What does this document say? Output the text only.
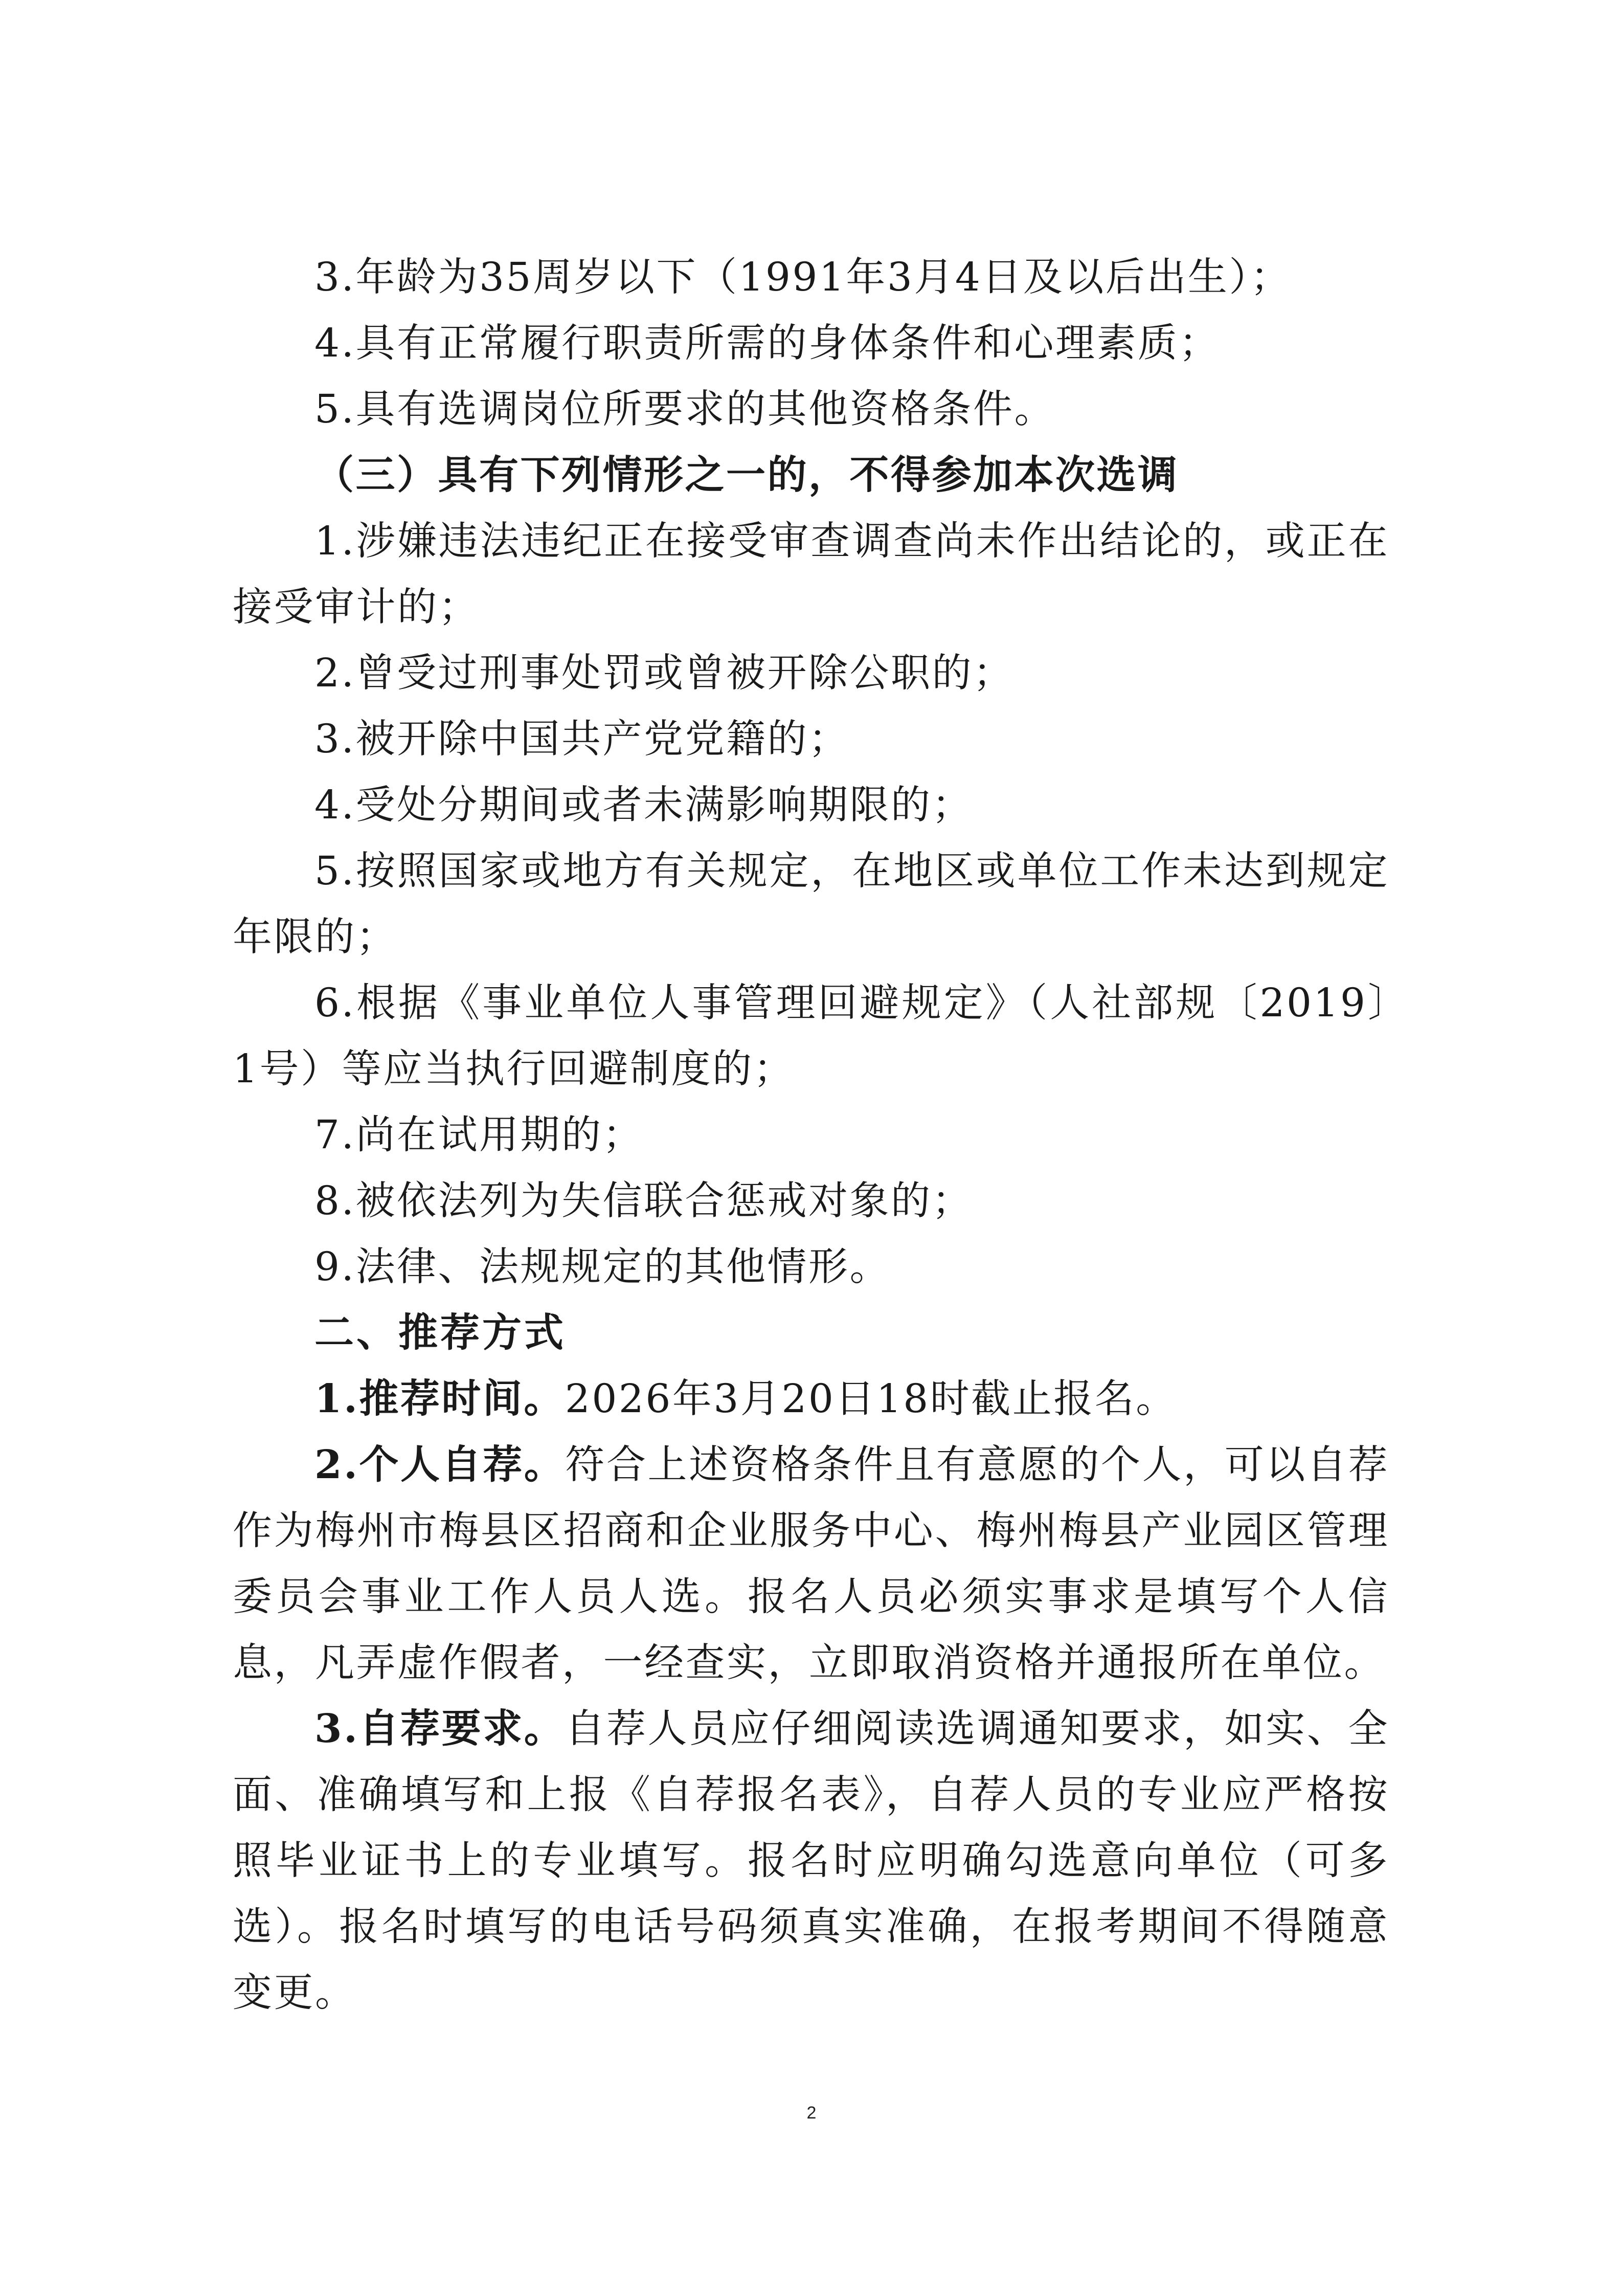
3.年龄为35周岁以下（1991年3月4日及以后出生）；

4.具有正常履行职责所需的身体条件和心理素质；

5.具有选调岗位所要求的其他资格条件。

（三）具有下列情形之一的，不得参加本次选调

1.涉嫌违法违纪正在接受审查调查尚未作出结论的，或正在接受审计的；

2.曾受过刑事处罚或曾被开除公职的；

3.被开除中国共产党党籍的；

4.受处分期间或者未满影响期限的；

5.按照国家或地方有关规定，在地区或单位工作未达到规定年限的；

6.根据《事业单位人事管理回避规定》（人社部规〔2019〕1号）等应当执行回避制度的；

7.尚在试用期的；

8.被依法列为失信联合惩戒对象的；

9.法律、法规规定的其他情形。

二、推荐方式

1.推荐时间。2026年3月20日18时截止报名。

2.个人自荐。符合上述资格条件且有意愿的个人，可以自荐作为梅州市梅县区招商和企业服务中心、梅州梅县产业园区管理委员会事业工作人员人选。报名人员必须实事求是填写个人信息，凡弄虚作假者，一经查实，立即取消资格并通报所在单位。

3.自荐要求。自荐人员应仔细阅读选调通知要求，如实、全面、准确填写和上报《自荐报名表》，自荐人员的专业应严格按照毕业证书上的专业填写。报名时应明确勾选意向单位（可多选）。报名时填写的电话号码须真实准确，在报考期间不得随意变更。

2
